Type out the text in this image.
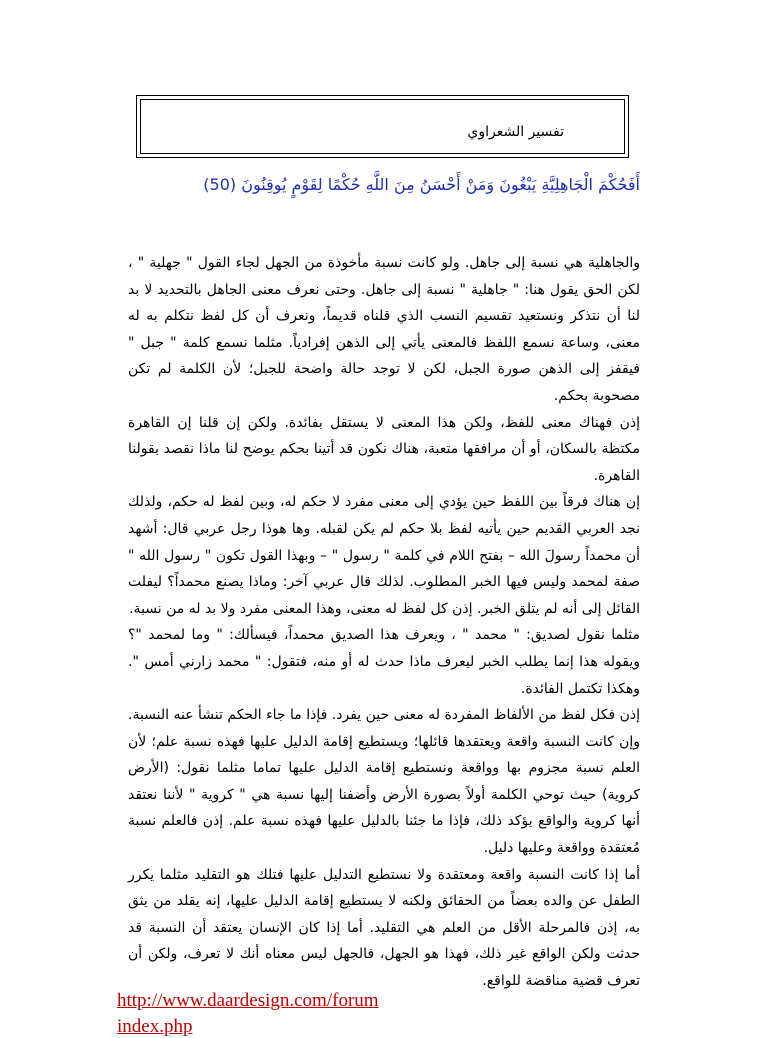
تفسير الشعراوي
أَفَحُكْمَ الْجَاهِلِيَّةِ يَبْغُونَ وَمَنْ أَحْسَنُ مِنَ اللَّهِ حُكْمًا لِقَوْمٍ يُوقِنُونَ (50)

والجاهلية هي نسبة إلى جاهل. ولو كانت نسبة مأخوذة من الجهل لجاء القول " جهلية " ، لكن الحق يقول هنا: " جاهلية " نسبة إلى جاهل. وحتى نعرف معنى الجاهل بالتحديد لا بد لنا أن نتذكر ونستعيد تقسيم النسب الذي قلناه قديماً، ونعرف أن كل لفظ نتكلم به له معنى، وساعة نسمع اللفظ فالمعنى يأتي إلى الذهن إفرادياً. مثلما نسمع كلمة " جبل " فيقفز إلى الذهن صورة الجبل، لكن لا توجد حالة واضحة للجبل؛ لأن الكلمة لم تكن مصحوبة بحكم.

إذن فهناك معنى للفظ، ولكن هذا المعنى لا يستقل بفائدة. ولكن إن قلنا إن القاهرة مكتظة بالسكان، أو أن مرافقها متعبة، هناك نكون قد أتينا بحكم يوضح لنا ماذا نقصد بقولنا القاهرة.

إن هناك فرقاً بين اللفظ حين يؤدي إلى معنى مفرد لا حكم له، وبين لفظ له حكم، ولذلك نجد العربي القديم حين يأتيه لفظ بلا حكم لم يكن لقبله. وها هوذا رجل عربي قال: أشهد أن محمداً رسولَ الله – بفتح اللام في كلمة " رسول " – وبهذا القول تكون " رسول الله " صفة لمحمد وليس فيها الخبر المطلوب. لذلك قال عربي آخر: وماذا يصنع محمداً؟ ليفلت القائل إلى أنه لم يتلق الخبر. إذن كل لفظ له معنى، وهذا المعنى مفرد ولا بد له من نسبة.

مثلما نقول لصديق: " محمد " ، ويعرف هذا الصديق محمداً، فيسألك: " وما لمحمد "؟ ويقوله هذا إنما يطلب الخبر ليعرف ماذا حدث له أو منه، فتقول: " محمد زارني أمس ". وهكذا تكتمل الفائدة.

إذن فكل لفظ من الألفاظ المفردة له معنى حين يفرد. فإذا ما جاء الحكم تنشأ عنه النسبة. وإن كانت النسبة واقعة ويعتقدها قائلها؛ ويستطيع إقامة الدليل عليها فهذه نسبة علم؛ لأن العلم نسبة مجزوم بها وواقعة ونستطيع إقامة الدليل عليها تماما مثلما نقول: (الأرض كروية) حيث توحي الكلمة أولاً بصورة الأرض وأضفنا إليها نسبة هي " كروية " لأننا نعتقد أنها كروية والواقع يؤكد ذلك، فإذا ما جئنا بالدليل عليها فهذه نسبة علم. إذن فالعلم نسبة مُعتقدة وواقعة وعليها دليل.

أما إذا كانت النسبة واقعة ومعتقدة ولا نستطيع التدليل عليها فتلك هو التقليد مثلما يكرر الطفل عن والده بعضاً من الحقائق ولكنه لا يستطيع إقامة الدليل عليها، إنه يقلد من يثق به، إذن فالمرحلة الأقل من العلم هي التقليد. أما إذا كان الإنسان يعتقد أن النسبة قد حدثت ولكن الواقع غير ذلك، فهذا هو الجهل، فالجهل ليس معناه أنك لا تعرف، ولكن أن تعرف قضية مناقضة للواقع.

http://www.daardesign.com/forum
index.php
